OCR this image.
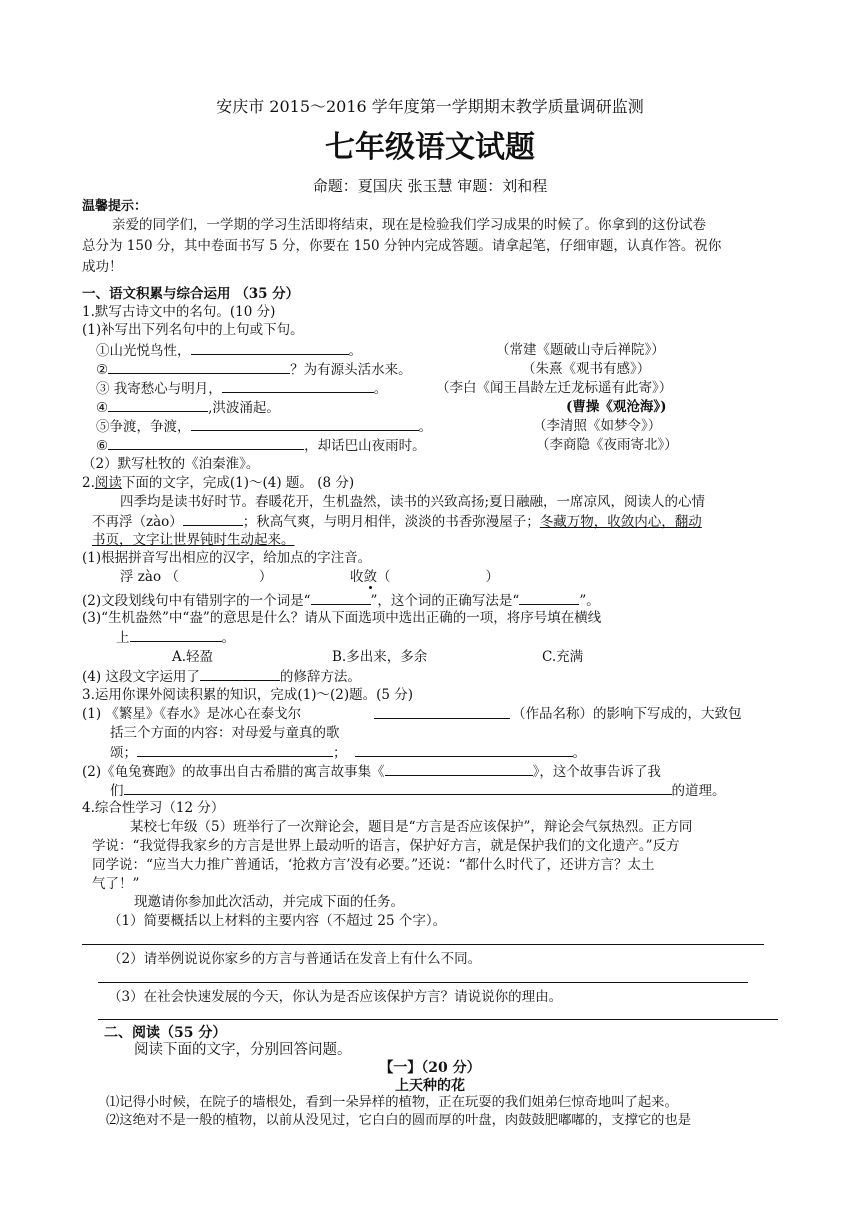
安庆市 2015～2016 学年度第一学期期末教学质量调研监测
七年级语文试题
命题：夏国庆 张玉慧 审题：刘和程
温馨提示：
亲爱的同学们，一学期的学习生活即将结束，现在是检验我们学习成果的时候了。你拿到的这份试卷
总分为 150 分，其中卷面书写 5 分，你要在 150 分钟内完成答题。请拿起笔，仔细审题，认真作答。祝你
成功！
一、语文积累与综合运用 （35 分）
1.默写古诗文中的名句。(10 分)
(1)补写出下列名句中的上句或下句。
①山光悦鸟性，	。	（常建《题破山寺后禅院》）
②	？为有源头活水来。	（朱熹《观书有感》）
③ 我寄愁心与明月，	。	（李白《闻王昌龄左迁龙标遥有此寄》）
④	,洪波涌起。	(曹操《观沧海》)
⑤争渡，争渡，	。	（李清照《如梦令》）
⑥	，却话巴山夜雨时。	（李商隐《夜雨寄北》）
（2）默写杜牧的《泊秦淮》。
2.阅读下面的文字，完成(1)～(4) 题。 (8 分)
四季均是读书好时节。春暖花开，生机盎然，读书的兴致高扬;夏日融融，一席凉风，阅读人的心情
不再浮（zào）	；秋高气爽，与明月相伴，淡淡的书香弥漫屋子；冬藏万物，收敛内心，翻动
书页，文字让世界钝时生动起来。
(1)根据拼音写出相应的汉字，给加点的字注音。
浮 zào （	）	收敛（	）
(2)文段划线句中有错别字的一个词是“	”，这个词的正确写法是“	”。
(3)“生机盎然”中“盎”的意思是什么？请从下面选项中选出正确的一项，将序号填在横线
上	。
A.轻盈	B.多出来，多余	C.充满
(4) 这段文字运用了	的修辞方法。
3.运用你课外阅读积累的知识，完成(1)～(2)题。(5 分)
(1) 《繁星》《春水》是冰心在泰戈尔	（作品名称）的影响下写成的，大致包
括三个方面的内容：对母爱与童真的歌
颂；	；	。
(2)《龟兔赛跑》的故事出自古希腊的寓言故事集《	》，这个故事告诉了我
们	的道理。
4.综合性学习（12 分）
某校七年级（5）班举行了一次辩论会，题目是“方言是否应该保护”，辩论会气氛热烈。正方同
学说：“我觉得我家乡的方言是世界上最动听的语言，保护好方言，就是保护我们的文化遗产。”反方
同学说：“应当大力推广普通话，‘抢救方言’没有必要。”还说：“都什么时代了，还讲方言？太土
气了！”
现邀请你参加此次活动，并完成下面的任务。
（1）简要概括以上材料的主要内容（不超过 25 个字）。
（2）请举例说说你家乡的方言与普通话在发音上有什么不同。
（3）在社会快速发展的今天，你认为是否应该保护方言？请说说你的理由。
二、阅读（55 分）
阅读下面的文字，分别回答问题。
【一】（20 分）
上天种的花
⑴记得小时候，在院子的墙根处，看到一朵异样的植物，正在玩耍的我们姐弟仨惊奇地叫了起来。
⑵这绝对不是一般的植物，以前从没见过，它白白的圆而厚的叶盘，肉鼓鼓肥嘟嘟的，支撑它的也是
